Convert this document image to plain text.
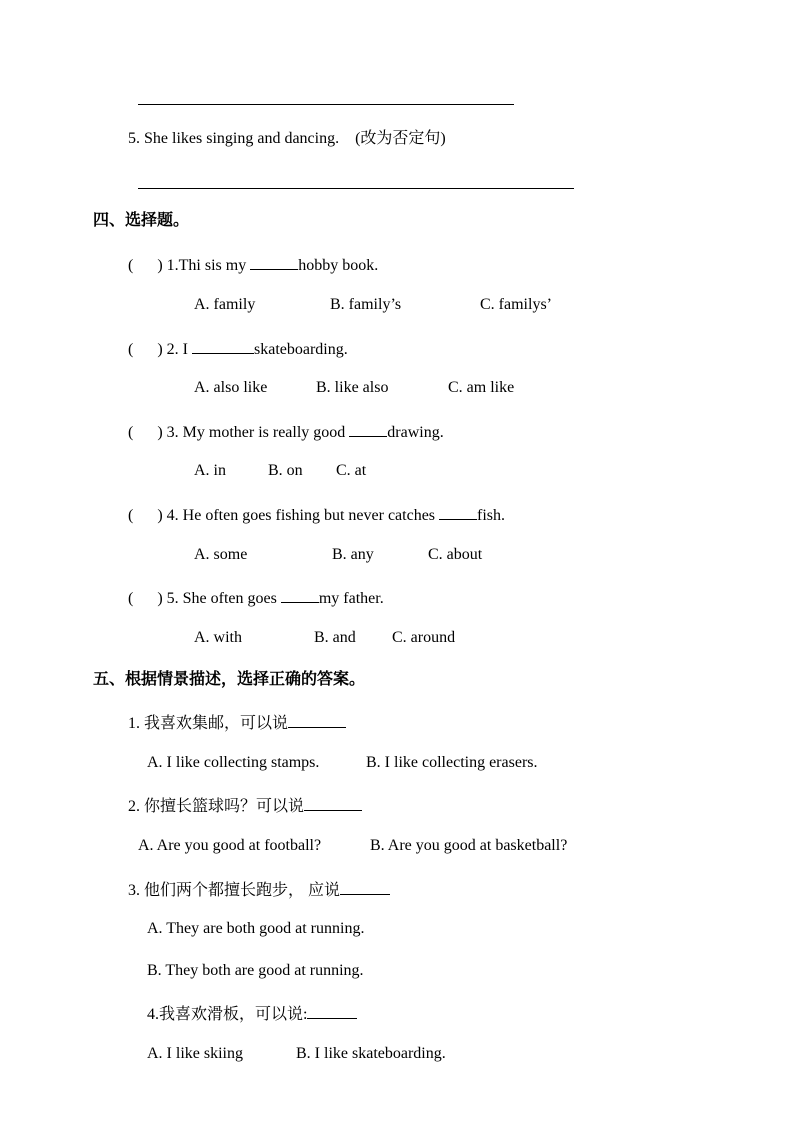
5. She likes singing and dancing. (改为否定句)
四、选择题。
( ) 1.Thi sis my	hobby book.
A. family	B. family’s	C. familys’
( ) 2. I	skateboarding.
A. also like	B. like also	C. am like
( ) 3. My mother is really good drawing.
A. in	B. on C. at
( ) 4. He often goes fishing but never catches fish.
A. some	B. any	C. about
( ) 5. She often goes my father.
A. with	B. and C. around
五、根据情景描述，选择正确的答案。
1. 我喜欢集邮，可以说
A. I like collecting stamps.	B. I like collecting erasers.
2. 你擅长篮球吗？可以说
A. Are you good at football?	B. Are you good at basketball?
3. 他们两个都擅长跑步， 应说
A. They are both good at running.
B. They both are good at running.
4.我喜欢滑板，可以说:
A. I like skiing	B. I like skateboarding.
